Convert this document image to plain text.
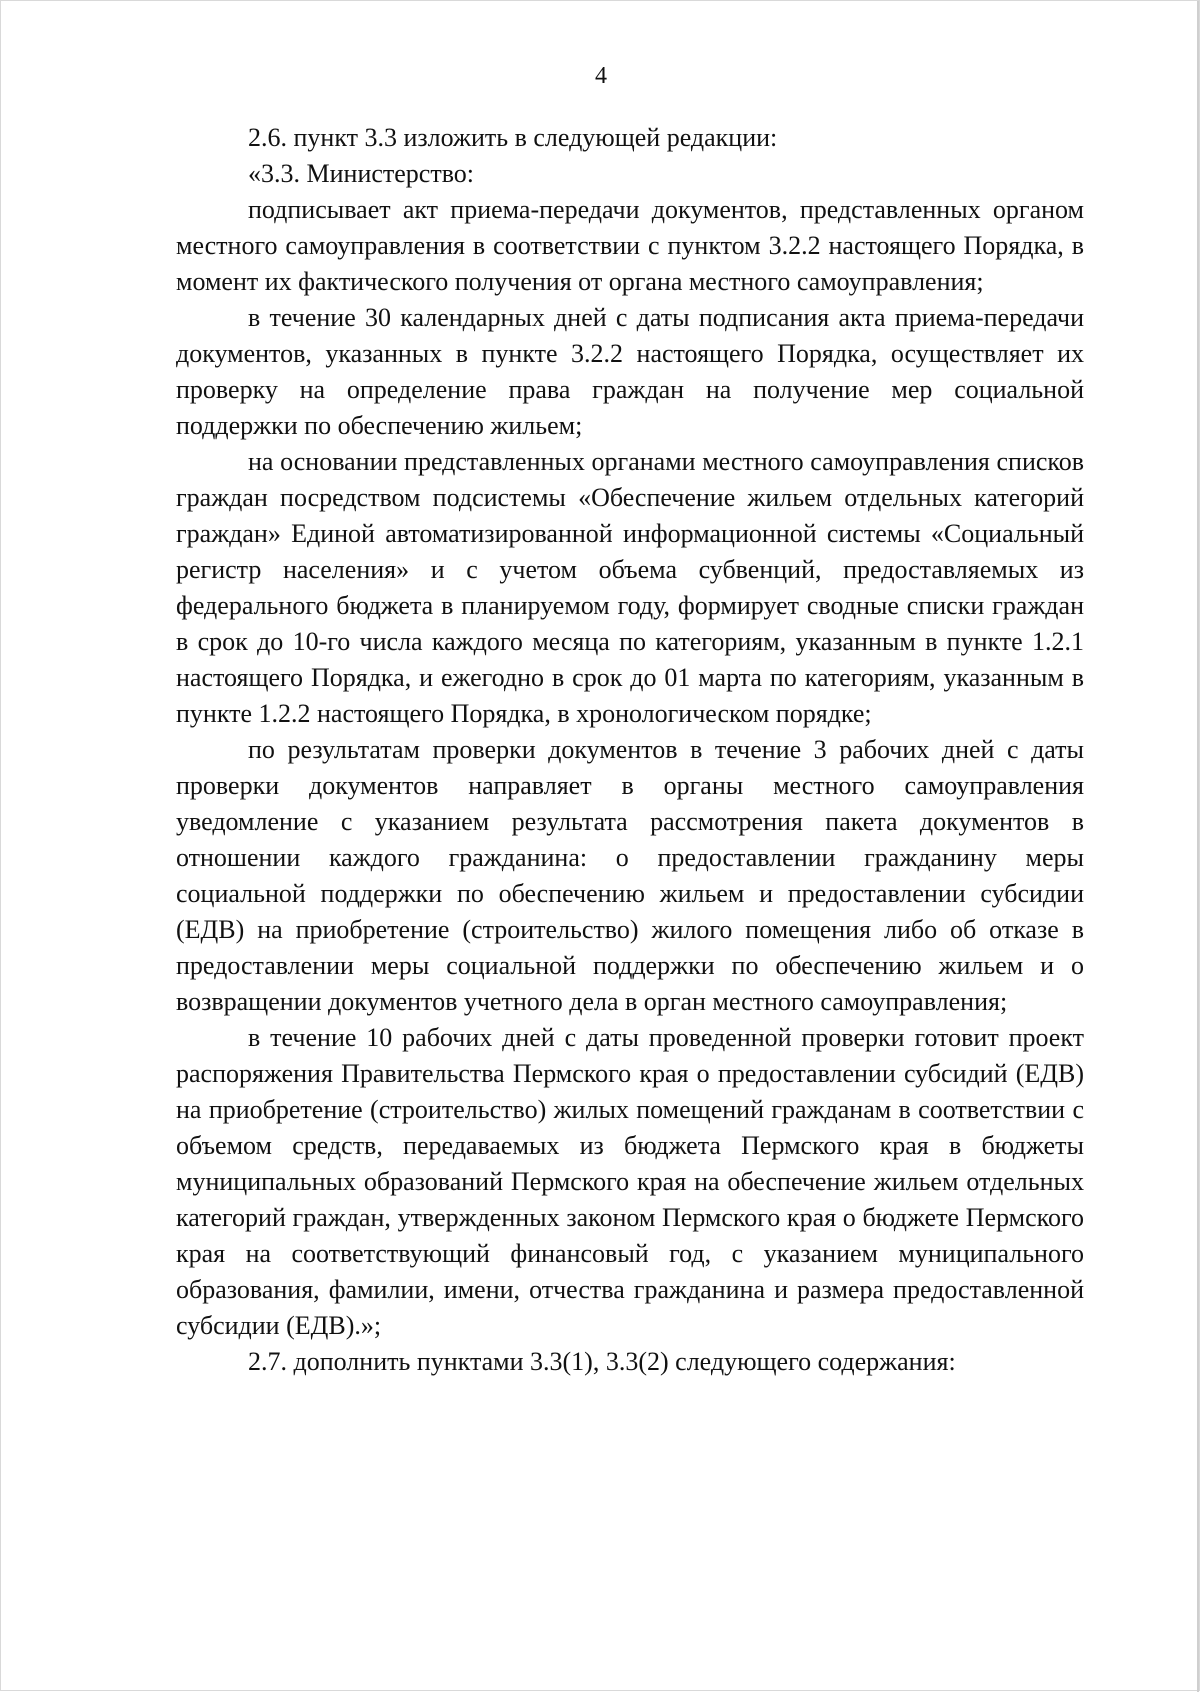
4

2.6. пункт 3.3 изложить в следующей редакции:

«3.3. Министерство:

подписывает акт приема-передачи документов, представленных органом местного самоуправления в соответствии с пунктом 3.2.2 настоящего Порядка, в момент их фактического получения от органа местного самоуправления;

в течение 30 календарных дней с даты подписания акта приема-передачи документов, указанных в пункте 3.2.2 настоящего Порядка, осуществляет их проверку на определение права граждан на получение мер социальной поддержки по обеспечению жильем;

на основании представленных органами местного самоуправления списков граждан посредством подсистемы «Обеспечение жильем отдельных категорий граждан» Единой автоматизированной информационной системы «Социальный регистр населения» и с учетом объема субвенций, предоставляемых из федерального бюджета в планируемом году, формирует сводные списки граждан в срок до 10-го числа каждого месяца по категориям, указанным в пункте 1.2.1 настоящего Порядка, и ежегодно в срок до 01 марта по категориям, указанным в пункте 1.2.2 настоящего Порядка, в хронологическом порядке;

по результатам проверки документов в течение 3 рабочих дней с даты проверки документов направляет в органы местного самоуправления уведомление с указанием результата рассмотрения пакета документов в отношении каждого гражданина: о предоставлении гражданину меры социальной поддержки по обеспечению жильем и предоставлении субсидии (ЕДВ) на приобретение (строительство) жилого помещения либо об отказе в предоставлении меры социальной поддержки по обеспечению жильем и о возвращении документов учетного дела в орган местного самоуправления;

в течение 10 рабочих дней с даты проведенной проверки готовит проект распоряжения Правительства Пермского края о предоставлении субсидий (ЕДВ) на приобретение (строительство) жилых помещений гражданам в соответствии с объемом средств, передаваемых из бюджета Пермского края в бюджеты муниципальных образований Пермского края на обеспечение жильем отдельных категорий граждан, утвержденных законом Пермского края о бюджете Пермского края на соответствующий финансовый год, с указанием муниципального образования, фамилии, имени, отчества гражданина и размера предоставленной субсидии (ЕДВ).»;

2.7. дополнить пунктами 3.3(1), 3.3(2) следующего содержания:
